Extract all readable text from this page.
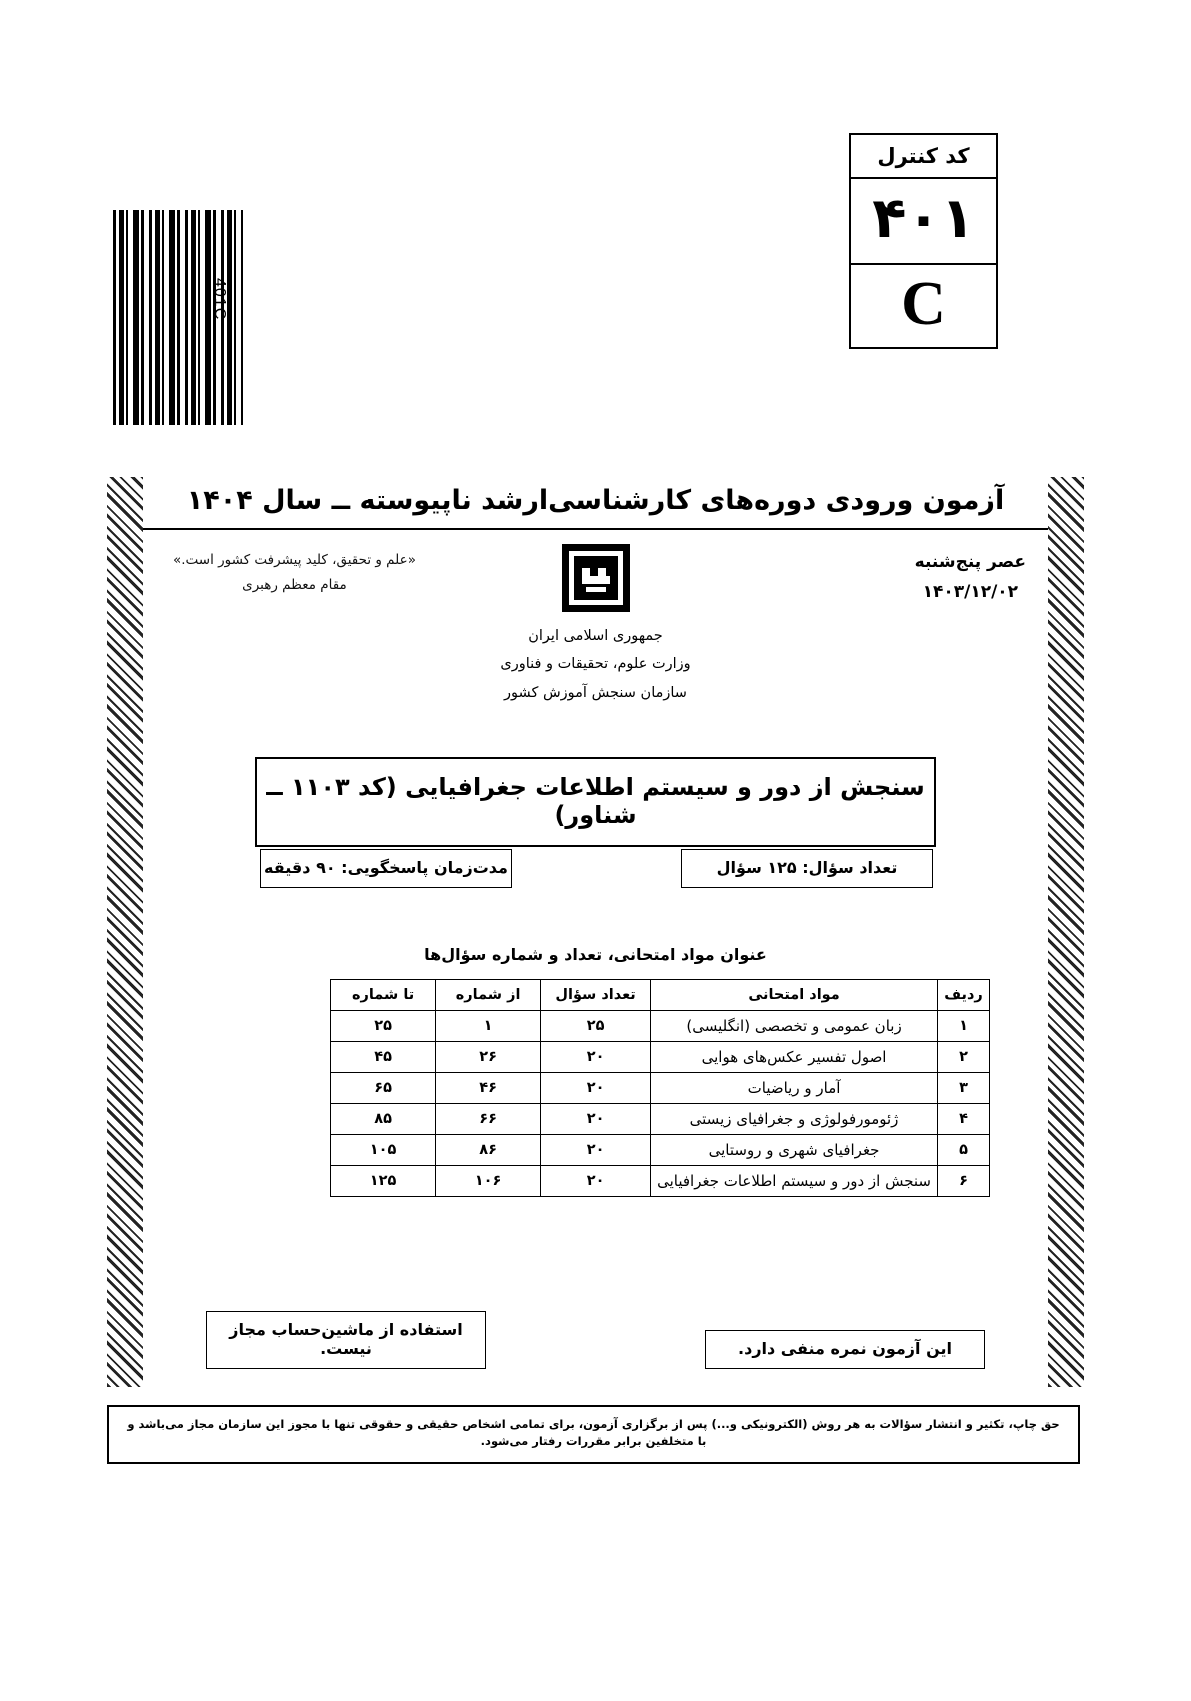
کد کنترل
۴۰۱
C
401C
آزمون ورودی دوره‌های کارشناسی‌ارشد ناپیوسته ــ سال ۱۴۰۴
عصر پنج‌شنبه
۱۴۰۳/۱۲/۰۲
جمهوری اسلامی ایران
وزارت علوم، تحقیقات و فناوری
سازمان سنجش آموزش کشور
«علم و تحقیق، کلید پیشرفت کشور است.»
مقام معظم رهبری
سنجش از دور و سیستم اطلاعات جغرافیایی (کد ۱۱۰۳ ــ شناور)
تعداد سؤال: ۱۲۵ سؤال
مدت‌زمان پاسخگویی: ۹۰ دقیقه
عنوان مواد امتحانی، تعداد و شماره سؤال‌ها
ردیف	مواد امتحانی	تعداد سؤال	از شماره	تا شماره
۱	زبان عمومی و تخصصی (انگلیسی)	۲۵	۱	۲۵
۲	اصول تفسیر عکس‌های هوایی	۲۰	۲۶	۴۵
۳	آمار و ریاضیات	۲۰	۴۶	۶۵
۴	ژئومورفولوژی و جغرافیای زیستی	۲۰	۶۶	۸۵
۵	جغرافیای شهری و روستایی	۲۰	۸۶	۱۰۵
۶	سنجش از دور و سیستم اطلاعات جغرافیایی	۲۰	۱۰۶	۱۲۵
این آزمون نمره منفی دارد.
استفاده از ماشین‌حساب مجاز نیست.
حق چاپ، تکثیر و انتشار سؤالات به هر روش (الکترونیکی و...) پس از برگزاری آزمون، برای تمامی اشخاص حقیقی و حقوقی تنها با مجوز این سازمان مجاز می‌باشد و با متخلفین برابر مقررات رفتار می‌شود.
